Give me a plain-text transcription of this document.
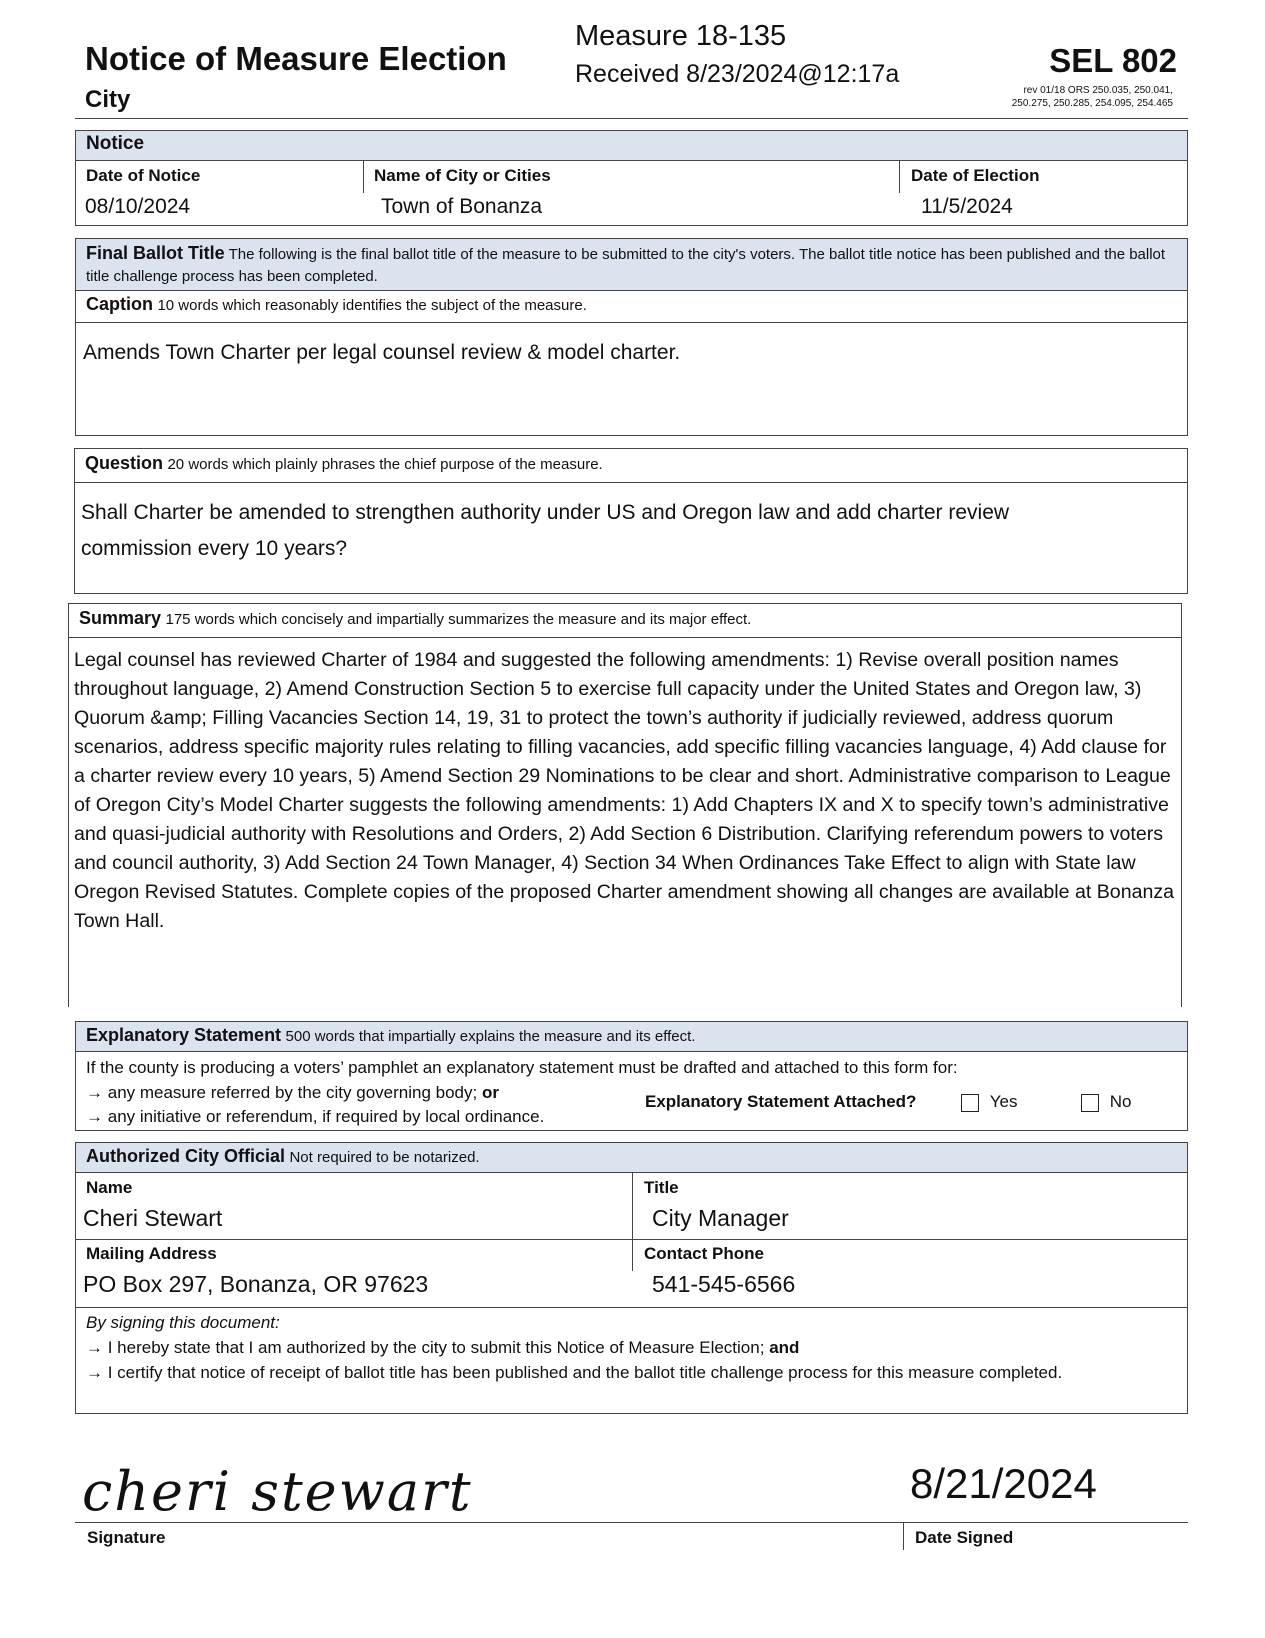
Notice of Measure Election
City
Measure 18-135
Received 8/23/2024@12:17a	SEL 802
rev 01/18 ORS 250.035, 250.041,
250.275, 250.285, 254.095, 254.465
Notice
Date of Notice	Name of City or Cities	Date of Election
08/10/2024	Town of Bonanza	11/5/2024
Final Ballot Title The following is the final ballot title of the measure to be submitted to the city's voters. The ballot title notice has been published and the ballot title challenge process has been completed.
Caption 10 words which reasonably identifies the subject of the measure.
Amends Town Charter per legal counsel review & model charter.
Question 20 words which plainly phrases the chief purpose of the measure.
Shall Charter be amended to strengthen authority under US and Oregon law and add charter review commission every 10 years?
Summary 175 words which concisely and impartially summarizes the measure and its major effect.
Legal counsel has reviewed Charter of 1984 and suggested the following amendments: 1) Revise overall position names throughout language, 2) Amend Construction Section 5 to exercise full capacity under the United States and Oregon law, 3) Quorum &amp; Filling Vacancies Section 14, 19, 31 to protect the town’s authority if judicially reviewed, address quorum scenarios, address specific majority rules relating to filling vacancies, add specific filling vacancies language, 4) Add clause for a charter review every 10 years, 5) Amend Section 29 Nominations to be clear and short. Administrative comparison to League of Oregon City’s Model Charter suggests the following amendments: 1) Add Chapters IX and X to specify town’s administrative and quasi-judicial authority with Resolutions and Orders, 2) Add Section 6 Distribution. Clarifying referendum powers to voters and council authority, 3) Add Section 24 Town Manager, 4) Section 34 When Ordinances Take Effect to align with State law Oregon Revised Statutes. Complete copies of the proposed Charter amendment showing all changes are available at Bonanza Town Hall.
Explanatory Statement 500 words that impartially explains the measure and its effect.
If the county is producing a voters’ pamphlet an explanatory statement must be drafted and attached to this form for:
→ any measure referred by the city governing body; or
→ any initiative or referendum, if required by local ordinance.
Explanatory Statement Attached?	Yes	No
Authorized City Official Not required to be notarized.
Name
Cheri Stewart
Title
City Manager
Mailing Address
PO Box 297, Bonanza, OR 97623
Contact Phone
541-545-6566
By signing this document:
→ I hereby state that I am authorized by the city to submit this Notice of Measure Election; and
→ I certify that notice of receipt of ballot title has been published and the ballot title challenge process for this measure completed.
cheri stewart
Signature
8/21/2024
Date Signed
